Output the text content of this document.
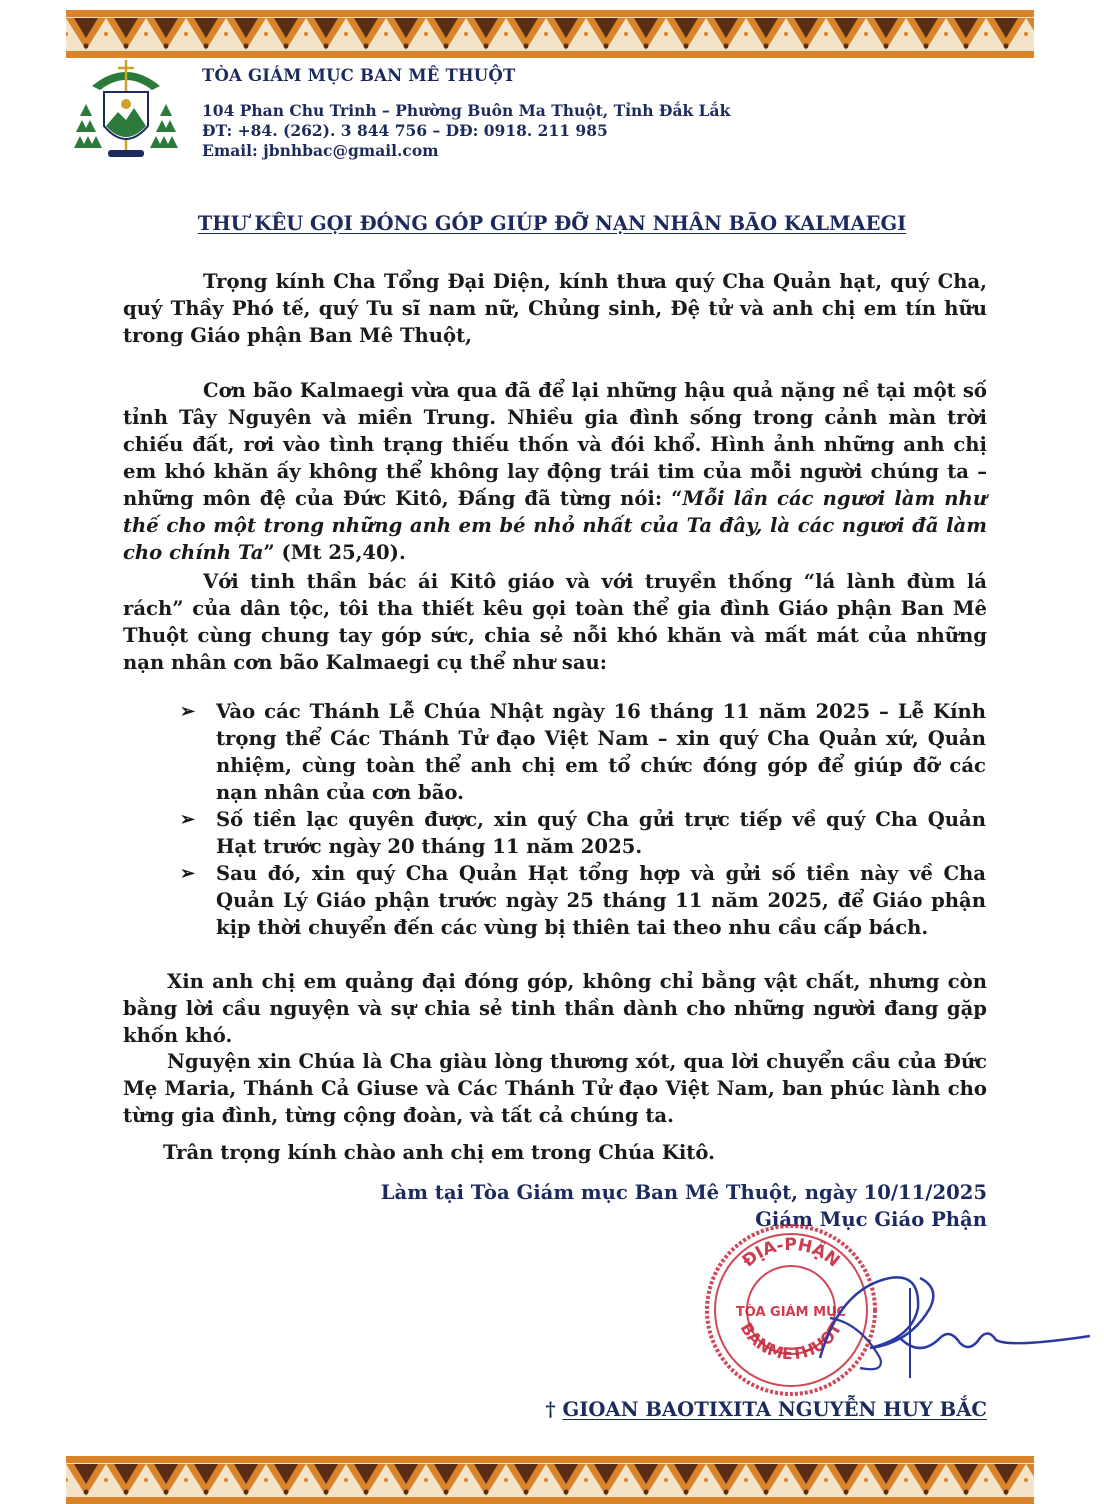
TÒA GIÁM MỤC BAN MÊ THUỘT
104 Phan Chu Trinh – Phường Buôn Ma Thuột, Tỉnh Đắk Lắk
ĐT: +84. (262). 3 844 756 – DĐ: 0918. 211 985
Email: jbnhbac@gmail.com
THƯ KÊU GỌI ĐÓNG GÓP GIÚP ĐỠ NẠN NHÂN BÃO KALMAEGI
Trọng kính Cha Tổng Đại Diện, kính thưa quý Cha Quản hạt, quý Cha, quý Thầy Phó tế, quý Tu sĩ nam nữ, Chủng sinh, Đệ tử và anh chị em tín hữu trong Giáo phận Ban Mê Thuột,
Cơn bão Kalmaegi vừa qua đã để lại những hậu quả nặng nề tại một số tỉnh Tây Nguyên và miền Trung. Nhiều gia đình sống trong cảnh màn trời chiếu đất, rơi vào tình trạng thiếu thốn và đói khổ. Hình ảnh những anh chị em khó khăn ấy không thể không lay động trái tim của mỗi người chúng ta – những môn đệ của Đức Kitô, Đấng đã từng nói: “Mỗi lần các ngươi làm như thế cho một trong những anh em bé nhỏ nhất của Ta đây, là các ngươi đã làm cho chính Ta” (Mt 25,40).
Với tinh thần bác ái Kitô giáo và với truyền thống “lá lành đùm lá rách” của dân tộc, tôi tha thiết kêu gọi toàn thể gia đình Giáo phận Ban Mê Thuột cùng chung tay góp sức, chia sẻ nỗi khó khăn và mất mát của những nạn nhân cơn bão Kalmaegi cụ thể như sau:
➢ Vào các Thánh Lễ Chúa Nhật ngày 16 tháng 11 năm 2025 – Lễ Kính trọng thể Các Thánh Tử đạo Việt Nam – xin quý Cha Quản xứ, Quản nhiệm, cùng toàn thể anh chị em tổ chức đóng góp để giúp đỡ các nạn nhân của cơn bão.
➢ Số tiền lạc quyên được, xin quý Cha gửi trực tiếp về quý Cha Quản Hạt trước ngày 20 tháng 11 năm 2025.
➢ Sau đó, xin quý Cha Quản Hạt tổng hợp và gửi số tiền này về Cha Quản Lý Giáo phận trước ngày 25 tháng 11 năm 2025, để Giáo phận kịp thời chuyển đến các vùng bị thiên tai theo nhu cầu cấp bách.
Xin anh chị em quảng đại đóng góp, không chỉ bằng vật chất, nhưng còn bằng lời cầu nguyện và sự chia sẻ tinh thần dành cho những người đang gặp khốn khó.
Nguyện xin Chúa là Cha giàu lòng thương xót, qua lời chuyển cầu của Đức Mẹ Maria, Thánh Cả Giuse và Các Thánh Tử đạo Việt Nam, ban phúc lành cho từng gia đình, từng cộng đoàn, và tất cả chúng ta.
Trân trọng kính chào anh chị em trong Chúa Kitô.
Làm tại Tòa Giám mục Ban Mê Thuột, ngày 10/11/2025
Giám Mục Giáo Phận
ĐỊA-PHẬN
TÒA GIÁM MỤC
BANMETHUOT
† GIOAN BAOTIXITA NGUYỄN HUY BẮC
